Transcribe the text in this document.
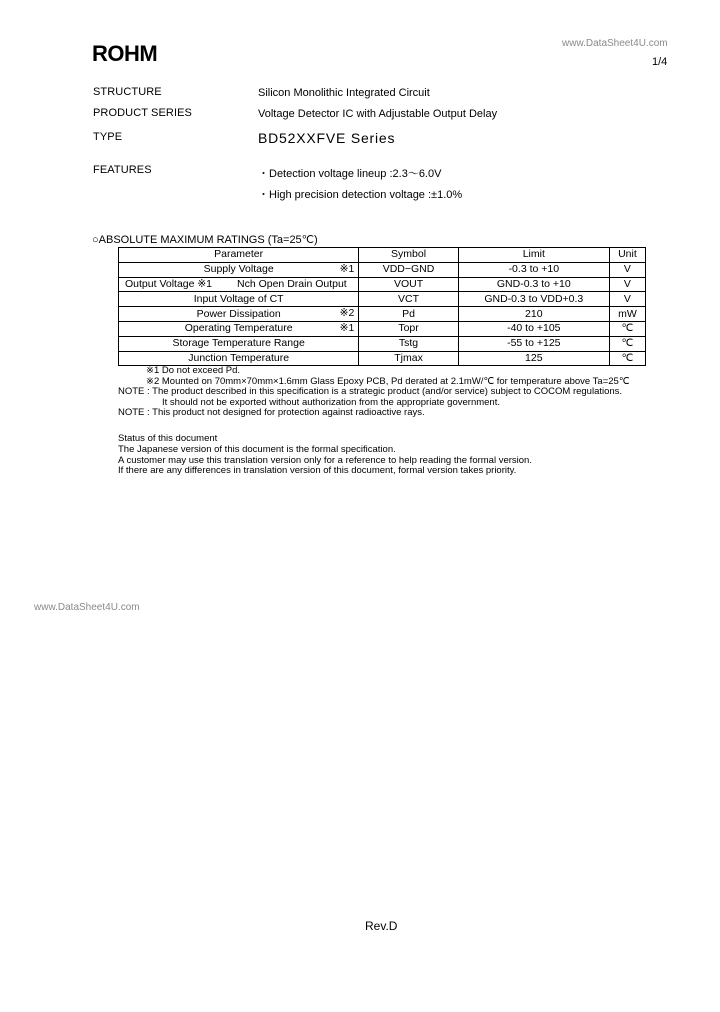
ROHM	www.DataSheet4U.com
1/4
STRUCTURE	Silicon Monolithic Integrated Circuit
PRODUCT SERIES	Voltage Detector IC with Adjustable Output Delay
TYPE	BD52XXFVE Series
FEATURES	・Detection voltage lineup :2.3～6.0V
・High precision detection voltage :±1.0%
○ABSOLUTE MAXIMUM RATINGS (Ta=25℃)
Parameter	Symbol	Limit	Unit
Supply Voltage ※1	VDD−GND	-0.3 to +10	V

Output Voltage ※1 Nch Open Drain Output	VOUT	GND-0.3 to +10	V
Input Voltage of CT	VCT	GND-0.3 to VDD+0.3	V
Power Dissipation ※2	Pd	210	mW
Operating Temperature ※1	Topr	-40 to +105	℃
Storage Temperature Range	Tstg	-55 to +125	℃
Junction Temperature	Tjmax	125	℃
※1 Do not exceed Pd.
※2 Mounted on 70mm×70mm×1.6mm Glass Epoxy PCB, Pd derated at 2.1mW/℃ for temperature above Ta=25℃
NOTE : The product described in this specification is a strategic product (and/or service) subject to COCOM regulations.
It should not be exported without authorization from the appropriate government.
NOTE : This product not designed for protection against radioactive rays.
Status of this document
The Japanese version of this document is the formal specification.
A customer may use this translation version only for a reference to help reading the formal version.
If there are any differences in translation version of this document, formal version takes priority.
www.DataSheet4U.com
Rev.D
